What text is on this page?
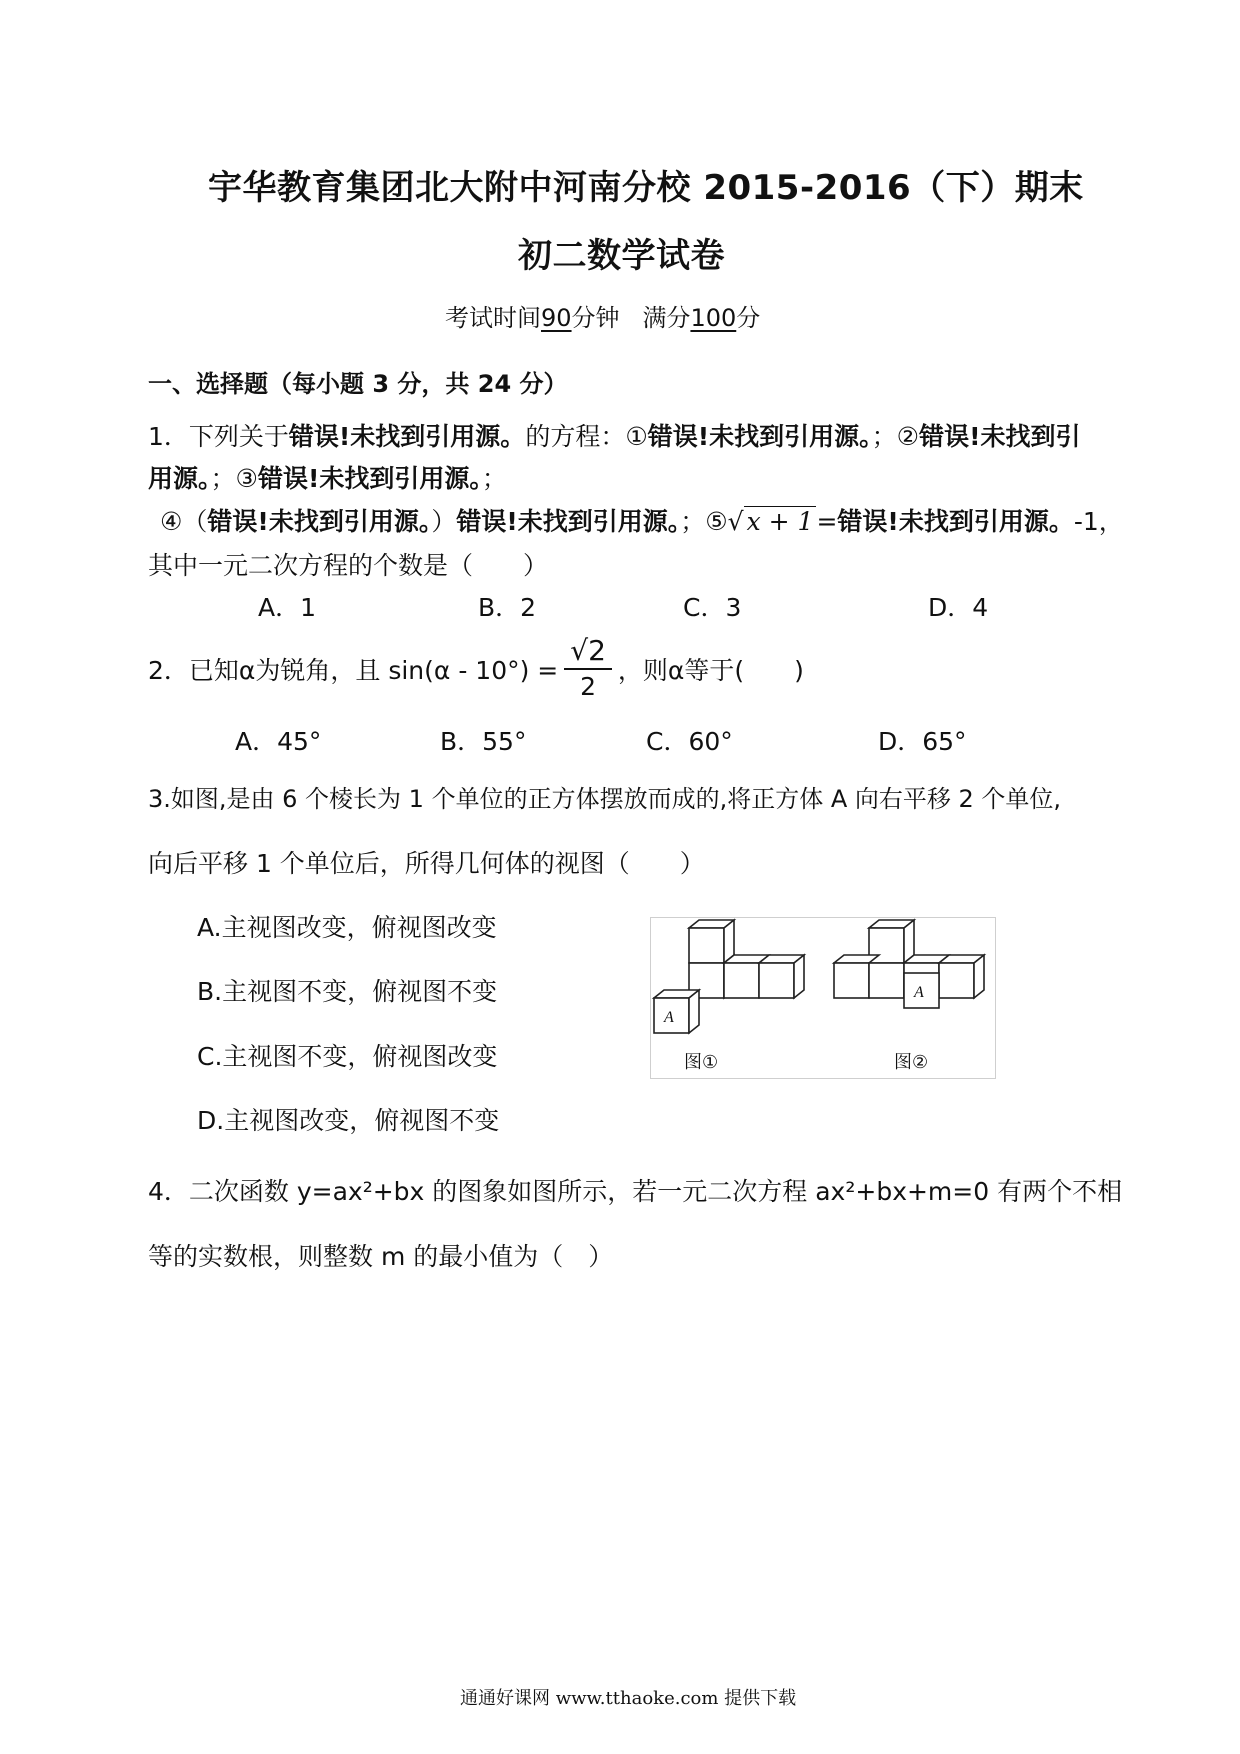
宇华教育集团北大附中河南分校 2015-2016（下）期末
初二数学试卷
考试时间90分钟 满分100分
一、选择题（每小题 3 分，共 24 分）
1．下列关于错误!未找到引用源。的方程：①错误!未找到引用源。；②错误!未找到引
用源。；③错误!未找到引用源。；
④（错误!未找到引用源。）错误!未找到引用源。；⑤√ x + 1 =错误!未找到引用源。-1，
其中一元二次方程的个数是（　　）
A．1	B．2	C．3	D．4
2．已知α为锐角，且 $\sin(\alpha - 10^\circ) = \frac{√2}{2}$ ，则α等于(　　)
A．45°	B．55°	C．60°	D．65°
3.如图,是由 6 个棱长为 1 个单位的正方体摆放而成的,将正方体 A 向右平移 2 个单位,
向后平移 1 个单位后，所得几何体的视图（　　）
A.主视图改变，俯视图改变
B.主视图不变，俯视图不变
C.主视图不变，俯视图改变
D.主视图改变，俯视图不变
A
A
图①	图②
4．二次函数 y=ax²+bx 的图象如图所示，若一元二次方程 ax²+bx+m=0 有两个不相
等的实数根，则整数 m 的最小值为（　）
通通好课网 www.tthaoke.com 提供下载
